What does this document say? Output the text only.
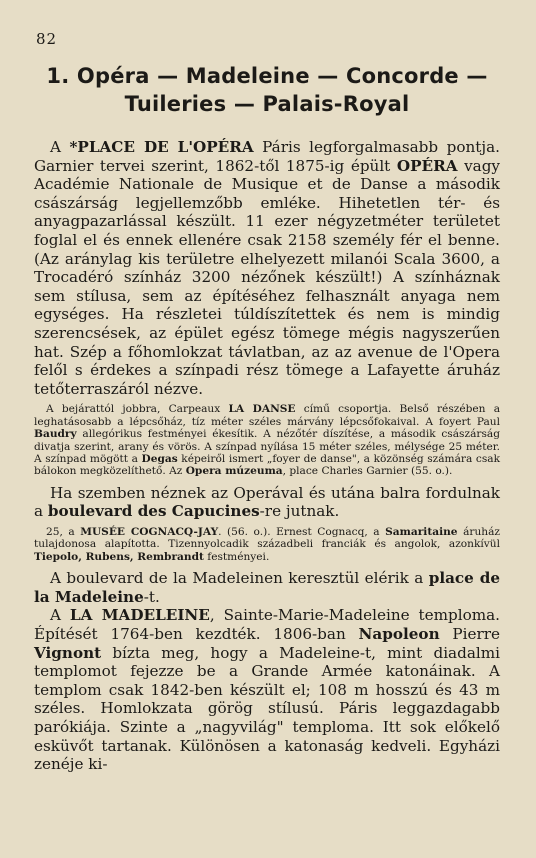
82
1. Opéra — Madeleine — Concorde —
Tuileries — Palais-Royal

A *PLACE DE L'OPÉRA Páris legforgalmasabb pontja. Garnier tervei szerint, 1862-től 1875-ig épült OPÉRA vagy Académie Nationale de Musique et de Danse a második császárság legjellemzőbb emléke. Hihetetlen tér- és anyagpazarlással készült. 11 ezer négyzetméter területet foglal el és ennek ellenére csak 2158 személy fér el benne. (Az aránylag kis területre elhelyezett milanói Scala 3600, a Trocadéró színház 3200 nézőnek készült!) A színháznak sem stílusa, sem az építéséhez felhasznált anyaga nem egységes. Ha részletei túldíszítettek és nem is mindig szerencsések, az épület egész tömege mégis nagyszerűen hat. Szép a főhomlokzat távlatban, az az avenue de l'Opera felől s érdekes a színpadi rész tömege a Lafayette áruház tetőterraszáról nézve.

A bejárattól jobbra, Carpeaux LA DANSE című csoportja. Belső részében a leghatásosabb a lépcsőház, tíz méter széles márvány lépcsőfokaival. A foyert Paul Baudry allegórikus festményei ékesítik. A nézőtér díszítése, a második császárság divatja szerint, arany és vörös. A színpad nyílása 15 méter széles, mélysége 25 méter. A színpad mögött a Degas képeiről ismert „foyer de danse", a közönség számára csak bálokon megközelíthető. Az Opera múzeuma, place Charles Garnier (55. o.).

Ha szemben néznek az Operával és utána balra fordulnak a boulevard des Capucines-re jutnak.

25, a MUSÉE COGNACQ-JAY. (56. o.). Ernest Cognacq, a Samaritaine áruház tulajdonosa alapította. Tizennyolcadik századbeli franciák és angolok, azonkívül Tiepolo, Rubens, Rembrandt festményei.

A boulevard de la Madeleinen keresztül elérik a place de la Madeleine-t.

A LA MADELEINE, Sainte-Marie-Madeleine temploma. Építését 1764-ben kezdték. 1806-ban Napoleon Pierre Vignont bízta meg, hogy a Madeleine-t, mint diadalmi templomot fejezze be a Grande Armée katonáinak. A templom csak 1842-ben készült el; 108 m hosszú és 43 m széles. Homlokzata görög stílusú. Páris leggazdagabb parókiája. Szinte a „nagyvilág" temploma. Itt sok előkelő esküvőt tartanak. Különösen a katonaság kedveli. Egyházi zenéje ki-
